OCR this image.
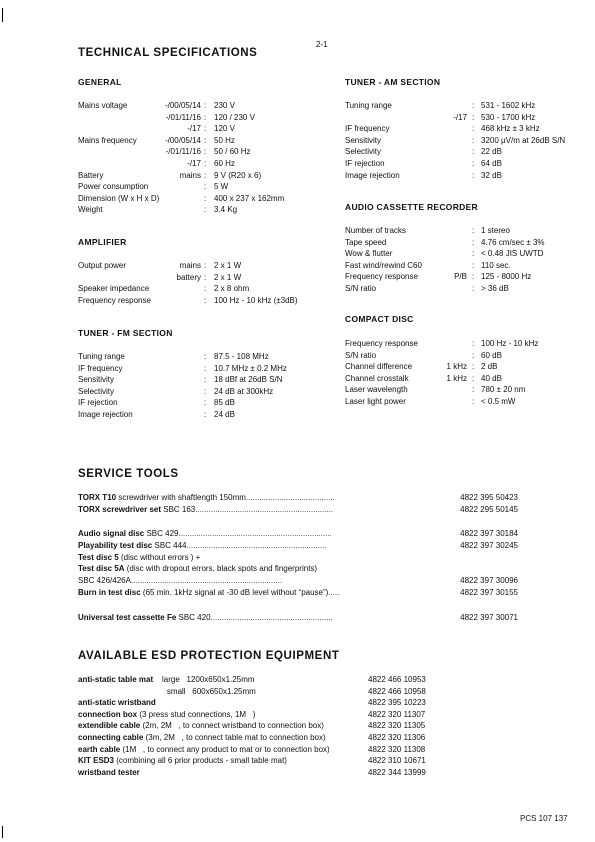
2-1
TECHNICAL SPECIFICATIONS
GENERAL
Mains voltage	-/00/05/14 : 230 V
-/01/11/16 : 120 / 230 V
-/17 : 120 V
Mains frequency	-/00/05/14 : 50 Hz
-/01/11/16 : 50 / 60 Hz
-/17 : 60 Hz
Battery	mains : 9 V (R20 x 6)
Power consumption	: 5 W
Dimension (W x H x D)	: 400 x 237 x 162mm
Weight	: 3.4 Kg
AMPLIFIER
Output power	mains : 2 x 1 W
battery : 2 x 1 W
Speaker impedance	: 2 x 8 ohm
Frequency response	: 100 Hz - 10 kHz (±3dB)
TUNER - FM SECTION
Tuning range	: 87.5 - 108 MHz
IF frequency	: 10.7 MHz ± 0.2 MHz
Sensitivity	: 18 dBf at 26dB S/N
Selectivity	: 24 dB at 300kHz
IF rejection	: 85 dB
Image rejection	: 24 dB
TUNER - AM SECTION
Tuning range	: 531 - 1602 kHz
-/17 : 530 - 1700 kHz
IF frequency	: 468 kHz ± 3 kHz
Sensitivity	: 3200 µV/m at 26dB S/N
Selectivity	: 22 dB
IF rejection	: 64 dB
Image rejection	: 32 dB
AUDIO CASSETTE RECORDER
Number of tracks	: 1 stereo
Tape speed	: 4.76 cm/sec ± 3%
Wow & flutter	: < 0.48 JIS UWTD
Fast wind/rewind C60	: 110 sec.
Frequency response	P/B : 125 - 8000 Hz
S/N ratio	: > 36 dB
COMPACT DISC
Frequency response	: 100 Hz - 10 kHz
S/N ratio	: 60 dB
Channel difference	1 kHz : 2 dB
Channel crosstalk	1 kHz : 40 dB
Laser wavelength	: 780 ± 20 nm
Laser light power	: < 0.5 mW
SERVICE TOOLS
TORX T10 screwdriver with shaftlength 150mm........................................	4822 395 50423
TORX screwdriver set SBC 163..............................................................	4822 295 50145
Audio signal disc SBC 429.....................................................................	4822 397 30184
Playability test disc SBC 444...............................................................	4822 397 30245
Test disc 5 (disc without errors ) +
Test disc 5A (disc with dropout errors, black spots and fingerprints)
SBC 426/426A....................................................................	4822 397 30096
Burn in test disc (65 min. 1kHz signal at -30 dB level without “pause”).....	4822 397 30155
Universal test cassette Fe SBC 420.......................................................	4822 397 30071
AVAILABLE ESD PROTECTION EQUIPMENT
anti-static table mat    large   1200x650x1.25mm	4822 466 10953
small   600x650x1.25mm	4822 466 10958
anti-static wristband	4822 395 10223
connection box (3 press stud connections, 1M   )	4822 320 11307
extendible cable (2m, 2M   , to connect wristband to connection box)	4822 320 11305
connecting cable (3m, 2M   , to connect table mat to connection box)	4822 320 11306
earth cable (1M   , to connect any product to mat or to connection box)	4822 320 11308
KIT ESD3 (combining all 6 prior products - small table mat)	4822 310 10671
wristband tester	4822 344 13999
PCS 107 137
